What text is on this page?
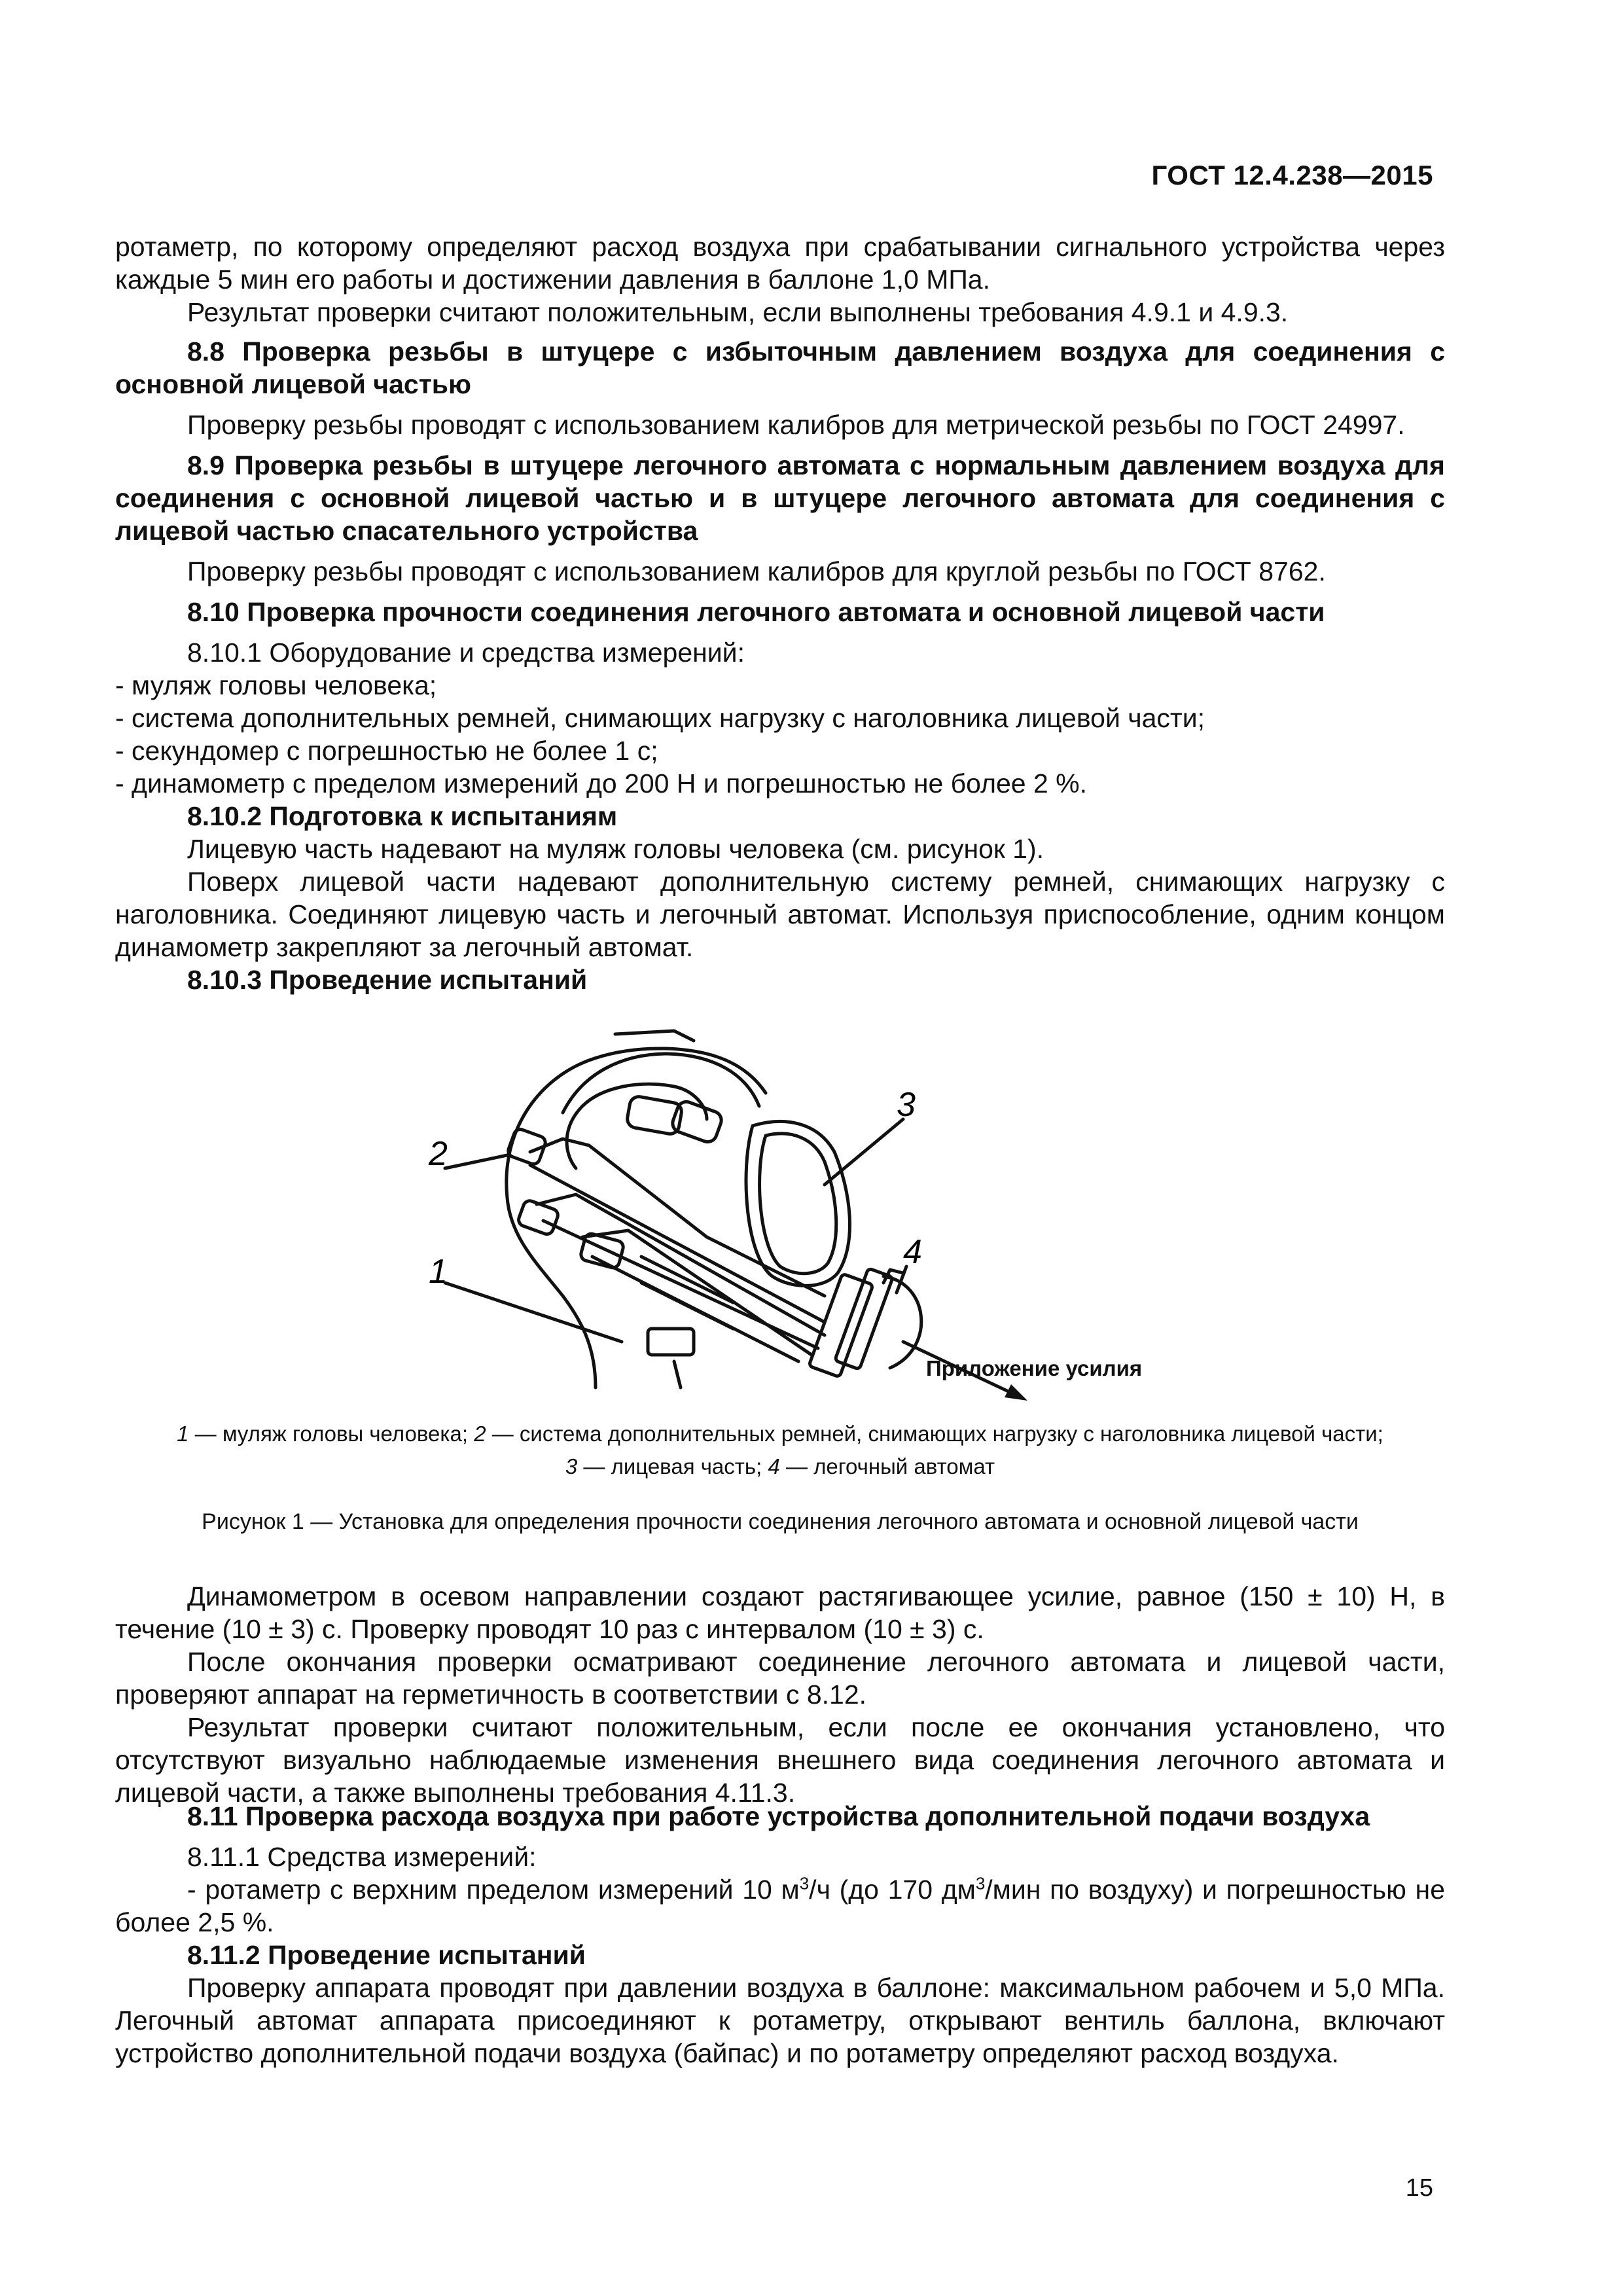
ГОСТ 12.4.238—2015

ротаметр, по которому определяют расход воздуха при срабатывании сигнального устройства через каждые 5 мин его работы и достижении давления в баллоне 1,0 МПа.

Результат проверки считают положительным, если выполнены требования 4.9.1 и 4.9.3.

8.8 Проверка резьбы в штуцере с избыточным давлением воздуха для соединения с основной лицевой частью

Проверку резьбы проводят с использованием калибров для метрической резьбы по ГОСТ 24997.

8.9 Проверка резьбы в штуцере легочного автомата с нормальным давлением воздуха для соединения с основной лицевой частью и в штуцере легочного автомата для соединения с лицевой частью спасательного устройства

Проверку резьбы проводят с использованием калибров для круглой резьбы по ГОСТ 8762.

8.10 Проверка прочности соединения легочного автомата и основной лицевой части

8.10.1 Оборудование и средства измерений:

- муляж головы человека;

- система дополнительных ремней, снимающих нагрузку с наголовника лицевой части;

- секундомер с погрешностью не более 1 с;

- динамометр с пределом измерений до 200 Н и погрешностью не более 2 %.

8.10.2 Подготовка к испытаниям

Лицевую часть надевают на муляж головы человека (см. рисунок 1).

Поверх лицевой части надевают дополнительную систему ремней, снимающих нагрузку с наголовника. Соединяют лицевую часть и легочный автомат. Используя приспособление, одним концом динамометр закрепляют за легочный автомат.

8.10.3 Проведение испытаний

2
1
3
4
Приложение усилия
1 — муляж головы человека; 2 — система дополнительных ремней, снимающих нагрузку с наголовника лицевой части;
3 — лицевая часть; 4 — легочный автомат
Рисунок 1 — Установка для определения прочности соединения легочного автомата и основной лицевой части

Динамометром в осевом направлении создают растягивающее усилие, равное (150 ± 10) Н, в течение (10 ± 3) с. Проверку проводят 10 раз с интервалом (10 ± 3) с.

После окончания проверки осматривают соединение легочного автомата и лицевой части, проверяют аппарат на герметичность в соответствии с 8.12.

Результат проверки считают положительным, если после ее окончания установлено, что отсутствуют визуально наблюдаемые изменения внешнего вида соединения легочного автомата и лицевой части, а также выполнены требования 4.11.3.

8.11 Проверка расхода воздуха при работе устройства дополнительной подачи воздуха

8.11.1 Средства измерений:

- ротаметр с верхним пределом измерений 10 $м^3/ч$ (до 170 $дм^3$/мин по воздуху) и погрешностью не более 2,5 %.

8.11.2 Проведение испытаний

Проверку аппарата проводят при давлении воздуха в баллоне: максимальном рабочем и 5,0 МПа. Легочный автомат аппарата присоединяют к ротаметру, открывают вентиль баллона, включают устройство дополнительной подачи воздуха (байпас) и по ротаметру определяют расход воздуха.

15
